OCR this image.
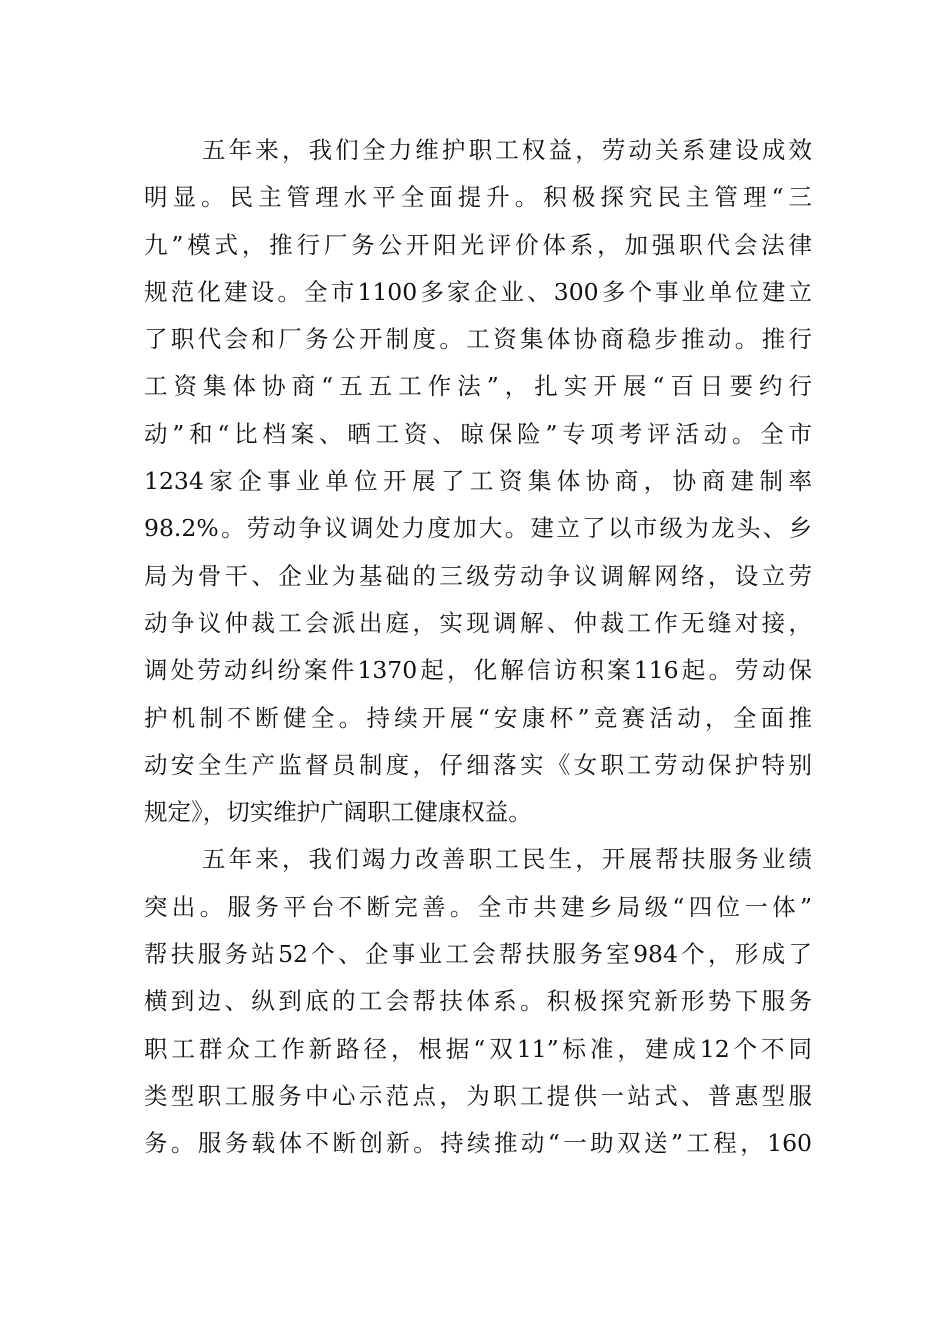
五年来，我们全力维护职工权益，劳动关系建设成效
明显。民主管理水平全面提升。积极探究民主管理“三
九”模式，推行厂务公开阳光评价体系，加强职代会法律
规范化建设。全市1100多家企业、300多个事业单位建立
了职代会和厂务公开制度。工资集体协商稳步推动。推行
工资集体协商“五五工作法”，扎实开展“百日要约行
动”和“比档案、晒工资、晾保险”专项考评活动。全市
1234家企事业单位开展了工资集体协商，协商建制率
98.2%。劳动争议调处力度加大。建立了以市级为龙头、乡
局为骨干、企业为基础的三级劳动争议调解网络，设立劳
动争议仲裁工会派出庭，实现调解、仲裁工作无缝对接，
调处劳动纠纷案件1370起，化解信访积案116起。劳动保
护机制不断健全。持续开展“安康杯”竞赛活动，全面推
动安全生产监督员制度，仔细落实《女职工劳动保护特别
规定》，切实维护广阔职工健康权益。
五年来，我们竭力改善职工民生，开展帮扶服务业绩
突出。服务平台不断完善。全市共建乡局级“四位一体”
帮扶服务站52个、企事业工会帮扶服务室984个，形成了
横到边、纵到底的工会帮扶体系。积极探究新形势下服务
职工群众工作新路径，根据“双11”标准，建成12个不同
类型职工服务中心示范点，为职工提供一站式、普惠型服
务。服务载体不断创新。持续推动“一助双送”工程，160
